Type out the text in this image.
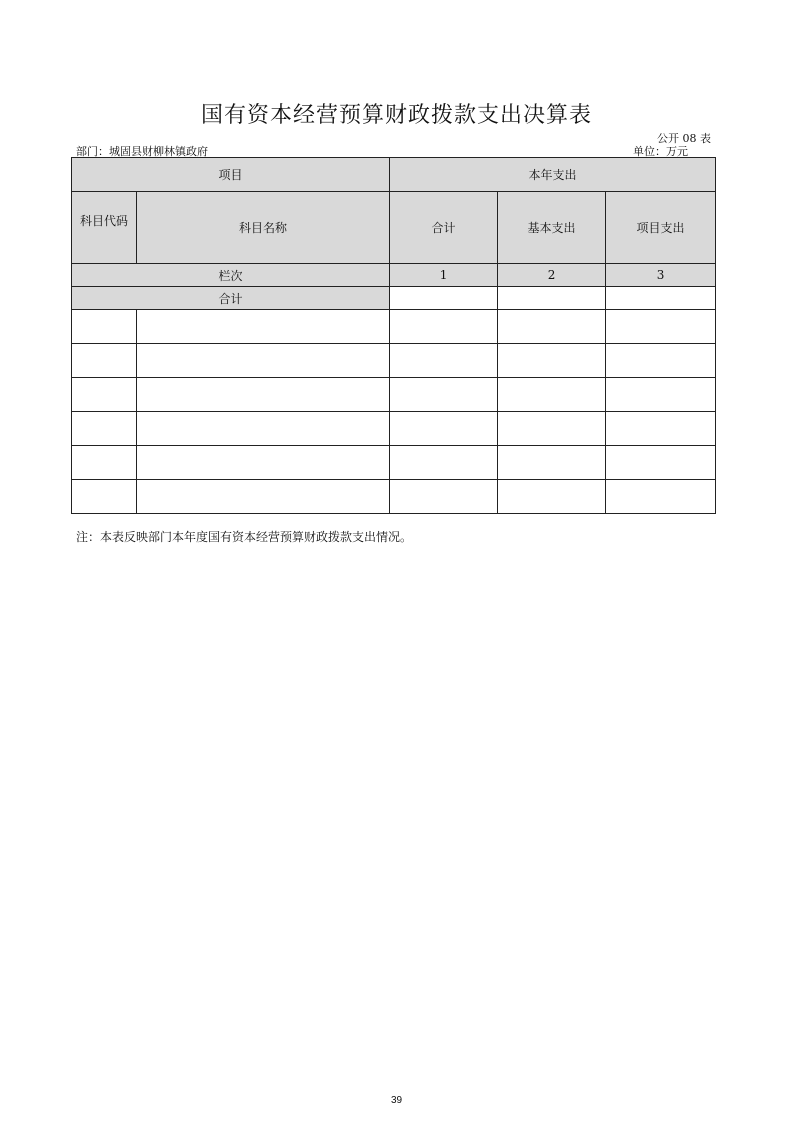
国有资本经营预算财政拨款支出决算表
公开 08 表
部门：城固县财柳林镇政府	单位：万元
项目		本年支出		
科目代码	科目名称	合计	基本支出	项目支出
栏次		1	2	3
合计				

注：本表反映部门本年度国有资本经营预算财政拨款支出情况。
39
